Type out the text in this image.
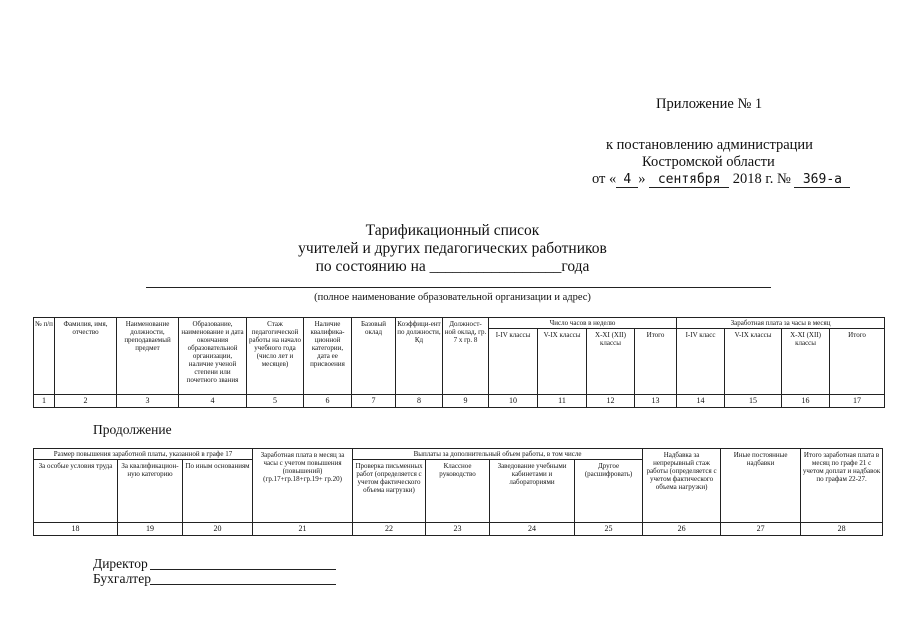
Приложение № 1
к постановлению администрации
Костромской области
от « 4 » сентября 2018 г. № 369-а
Тарификационный список
учителей и других педагогических работников
по состоянию на _________________года
(полное наименование образовательной организации и адрес)
№ п/п	Фамилия, имя, отчество	Наименование должности, преподаваемый предмет	Образование, наименование и дата окончания образовательной организации, наличие ученой степени или почетного звания	Стаж педагогической работы на начало учебного года (число лет и месяцев)	Наличие квалифика-ционной категории, дата ее присвоения	Базовый оклад	Коэффици-ент по должности, Кд	Должност-ной оклад, гр. 7 х гр. 8	Число часов в неделю				Заработная плата за часы в месяц			
									I-IV классы	V-IX классы	X-XI (XII) классы	Итого	I-IV класс	V-IX классы	X-XI (XII) классы	Итого
1	2	3	4	5	6	7	8	9	10	11	12	13	14	15	16	17
Продолжение
Размер повышения заработной платы, указанной в графе 17			Заработная плата в месяц за часы с учетом повышения (повышений) (гр.17+гр.18+гр.19+ гр.20)	Выплаты за дополнительный объем работы, в том числе				Надбавка за непрерывный стаж работы (определяется с учетом фактического объема нагрузки)	Иные постоянные надбавки	Итого заработная плата в месяц по графе 21 с учетом доплат и надбавок по графам 22-27.
За особые условия труда	За квалификацион-ную категорию	По иным основаниям		Проверка письменных работ (определяется с учетом фактического объема нагрузки)	Классное руководство	Заведование учебными кабинетами и лабораториями	Другое (расшифровать)			
18	19	20	21	22	23	24	25	26	27	28
Директор
Бухгалтер
